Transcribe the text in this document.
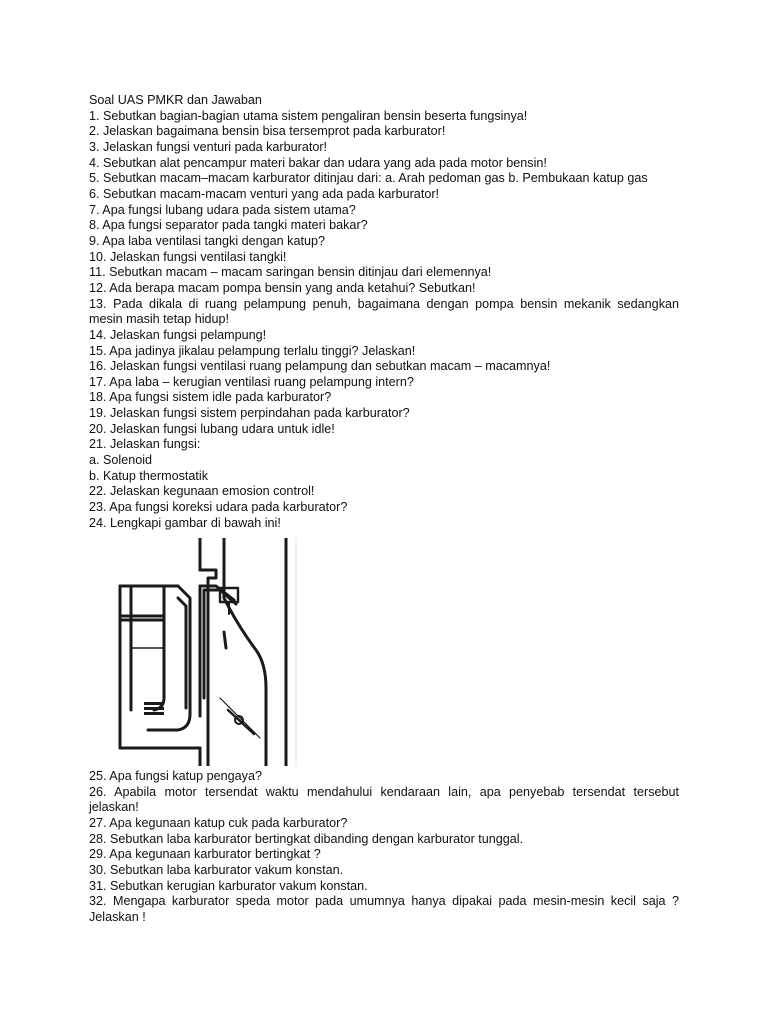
Soal UAS PMKR dan Jawaban
1. Sebutkan bagian-bagian utama sistem pengaliran bensin beserta fungsinya!
2. Jelaskan bagaimana bensin bisa tersemprot pada karburator!
3. Jelaskan fungsi venturi pada karburator!
4. Sebutkan alat pencampur materi bakar dan udara yang ada pada motor bensin!
5. Sebutkan macam–macam karburator ditinjau dari: a. Arah pedoman gas b. Pembukaan katup gas
6. Sebutkan macam-macam venturi yang ada pada karburator!
7. Apa fungsi lubang udara pada sistem utama?
8. Apa fungsi separator pada tangki materi bakar?
9. Apa laba ventilasi tangki dengan katup?
10. Jelaskan fungsi ventilasi tangki!
11. Sebutkan macam – macam saringan bensin ditinjau dari elemennya!
12. Ada berapa macam pompa bensin yang anda ketahui? Sebutkan!
13. Pada dikala di ruang pelampung penuh, bagaimana dengan pompa bensin mekanik sedangkan mesin masih tetap hidup!
14. Jelaskan fungsi pelampung!
15. Apa jadinya jikalau pelampung terlalu tinggi? Jelaskan!
16. Jelaskan fungsi ventilasi ruang pelampung dan sebutkan macam – macamnya!
17. Apa laba – kerugian ventilasi ruang pelampung intern?
18. Apa fungsi sistem idle pada karburator?
19. Jelaskan fungsi sistem perpindahan pada karburator?
20. Jelaskan fungsi lubang udara untuk idle!
21. Jelaskan fungsi:
a. Solenoid
b. Katup thermostatik
22. Jelaskan kegunaan emosion control!
23. Apa fungsi koreksi udara pada karburator?
24. Lengkapi gambar di bawah ini!
25. Apa fungsi katup pengaya?
26. Apabila motor tersendat waktu mendahului kendaraan lain, apa penyebab tersendat tersebut jelaskan!
27. Apa kegunaan katup cuk pada karburator?
28. Sebutkan laba karburator bertingkat dibanding dengan karburator tunggal.
29. Apa kegunaan karburator bertingkat ?
30. Sebutkan laba karburator vakum konstan.
31. Sebutkan kerugian karburator vakum konstan.
32. Mengapa karburator speda motor pada umumnya hanya dipakai pada mesin-mesin kecil saja ? Jelaskan !
